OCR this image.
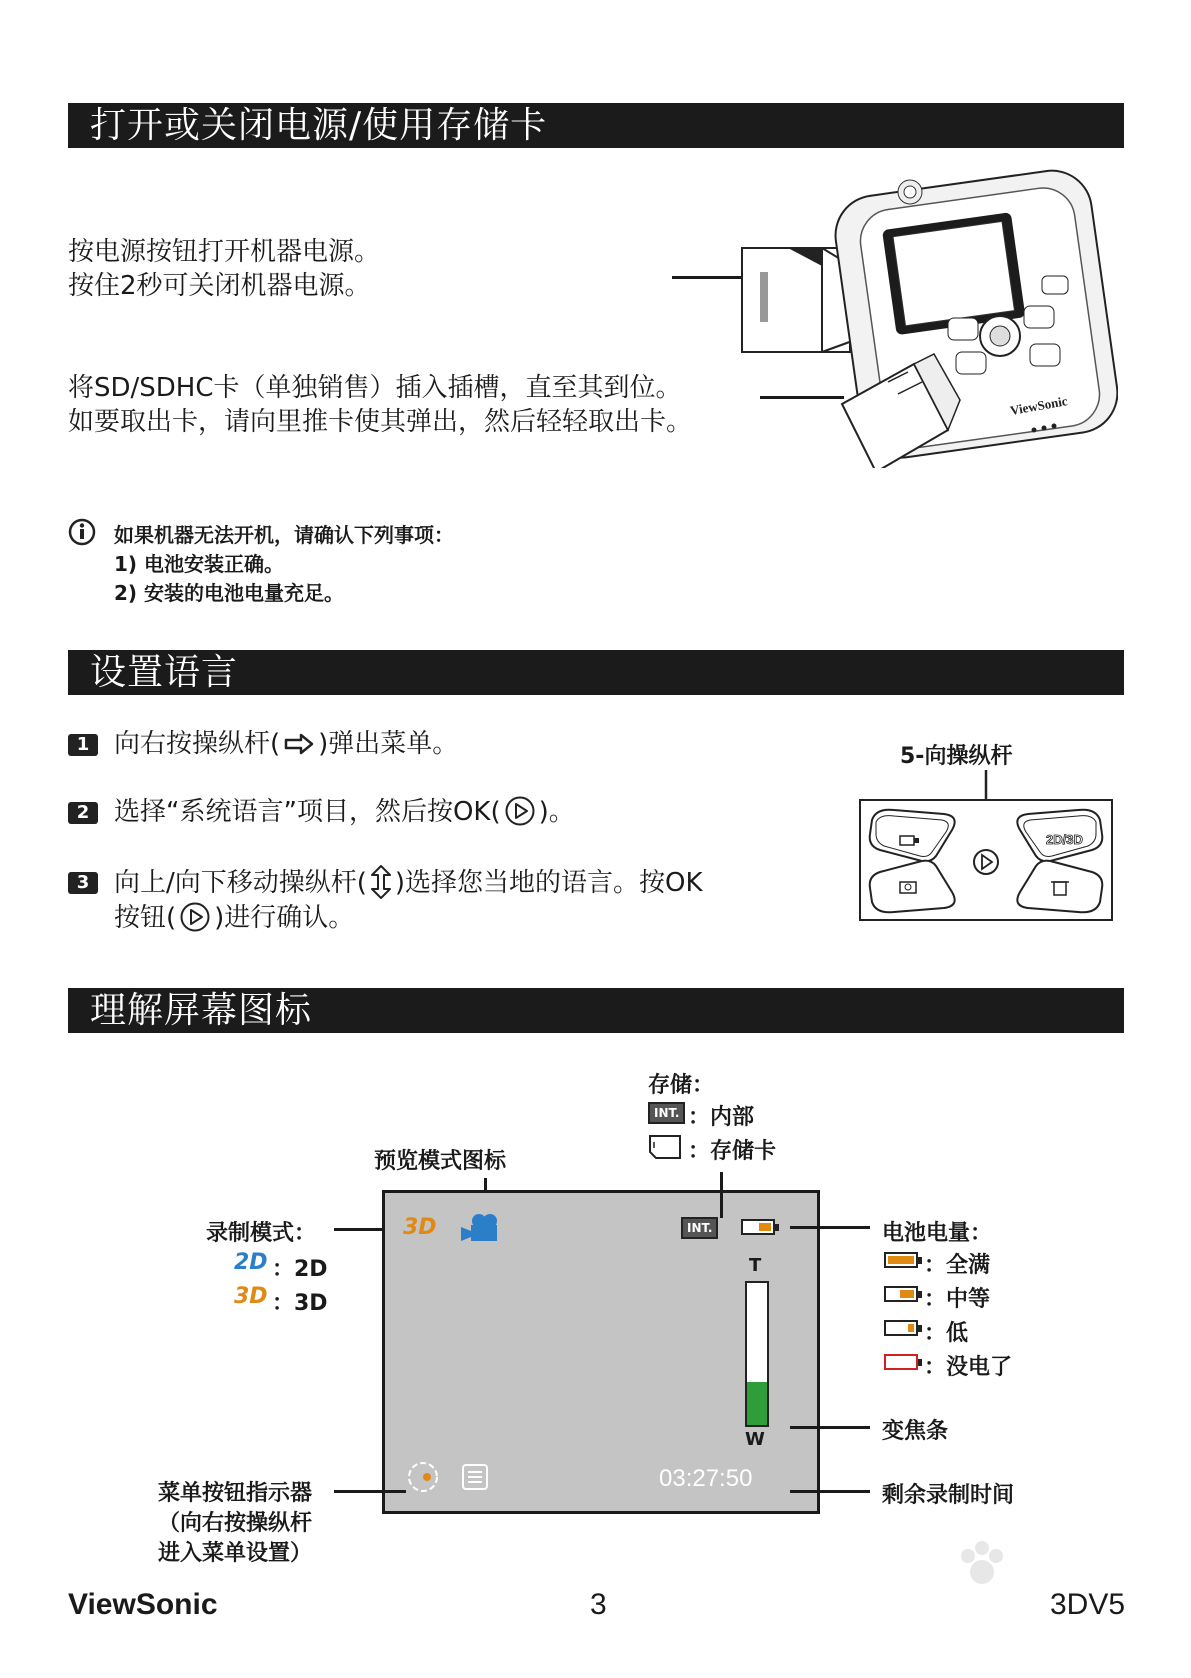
打开或关闭电源/使用存储卡
按电源按钮打开机器电源。
按住2秒可关闭机器电源。
将SD/SDHC卡（单独销售）插入插槽，直至其到位。
如要取出卡，请向里推卡使其弹出，然后轻轻取出卡。
ViewSonic
如果机器无法开机，请确认下列事项：
1) 电池安装正确。
2) 安装的电池电量充足。
设置语言
1 向右按操纵杆( )弹出菜单。
2 选择“系统语言”项目，然后按OK( )。
3 向上/向下移动操纵杆( )选择您当地的语言。按OK
按钮( )进行确认。
5-向操纵杆
2D/3D
理解屏幕图标
存储：
INT. ：内部
：存储卡
预览模式图标
录制模式：
2D ：2D
3D ：3D
3D	INT.
T
W
03:27:50
电池电量：
：全满
：中等
：低
：没电了
变焦条
剩余录制时间
菜单按钮指示器
（向右按操纵杆
进入菜单设置）
ViewSonic	3	3DV5
